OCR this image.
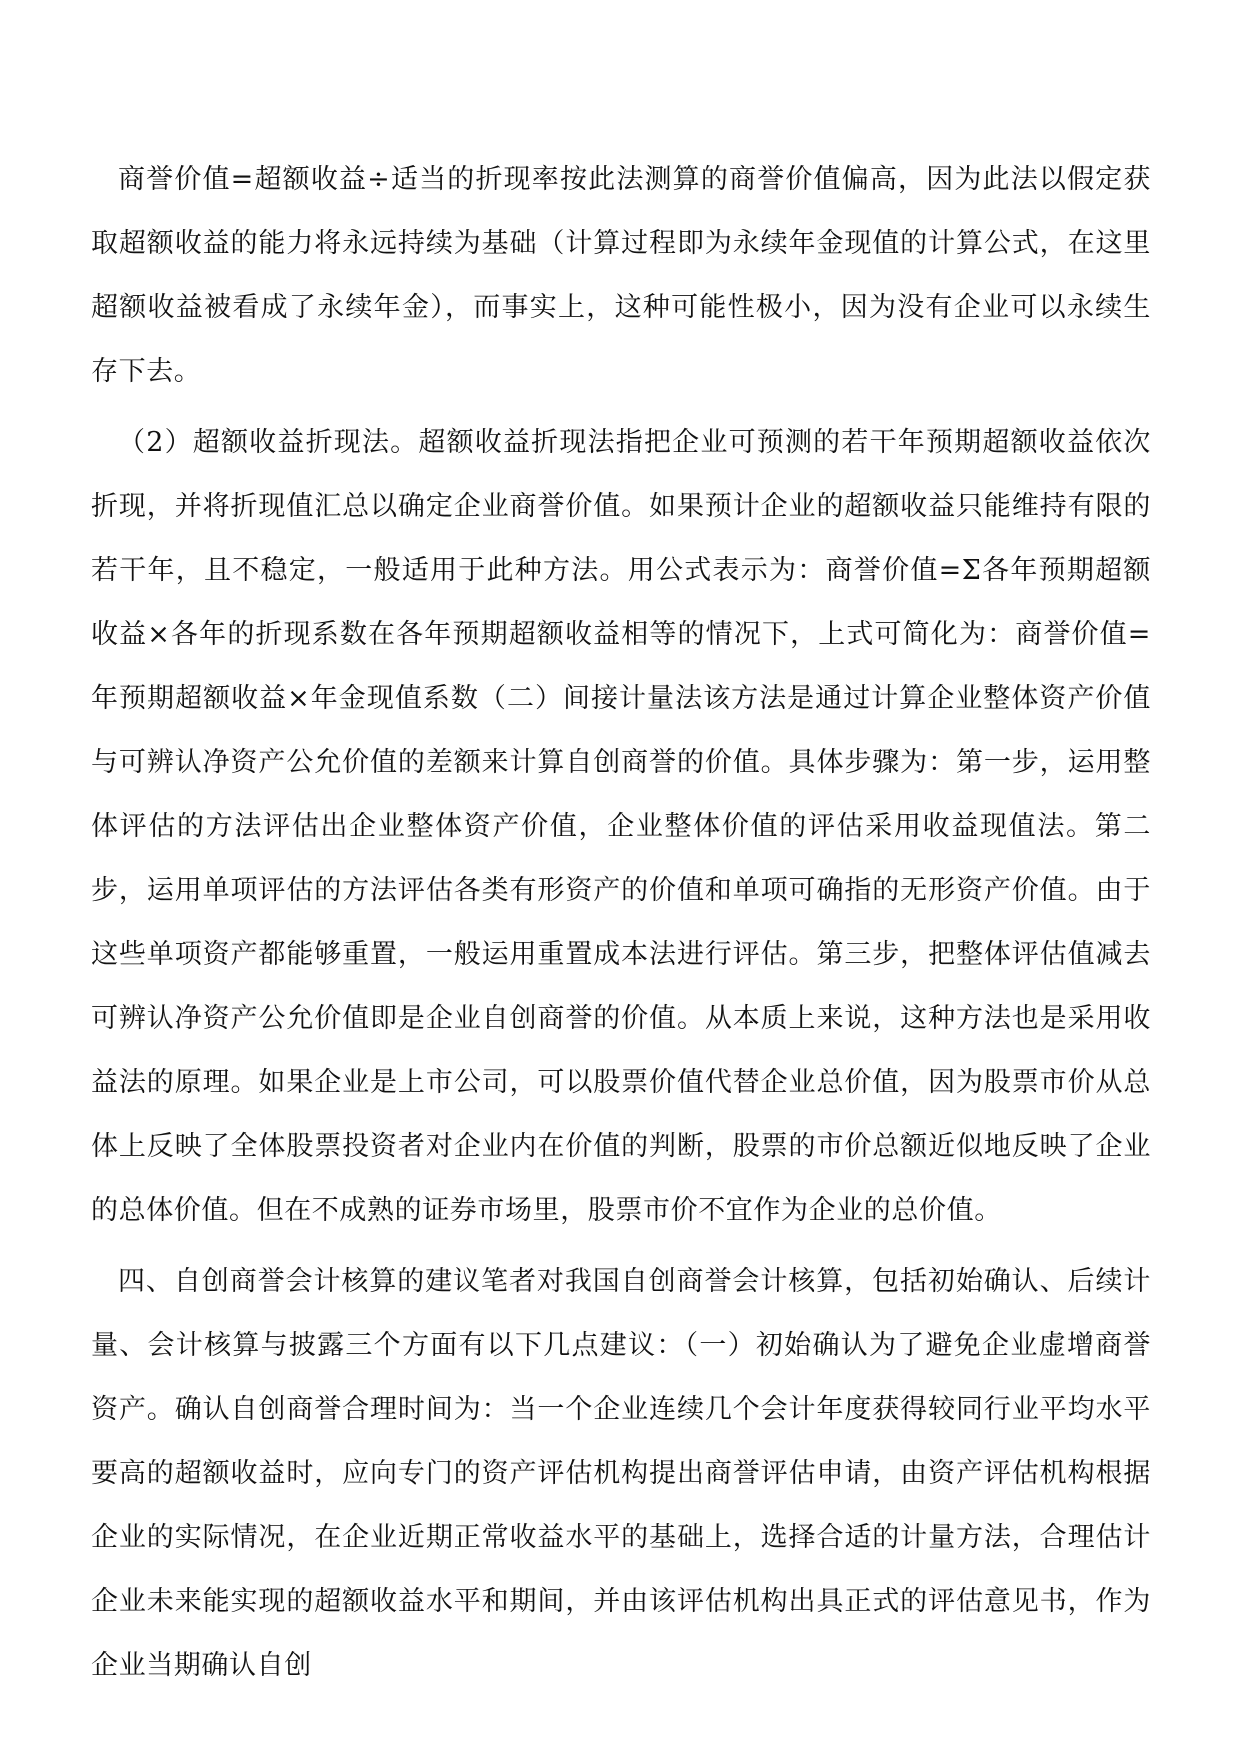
商誉价值=超额收益÷适当的折现率按此法测算的商誉价值偏高，因为此法以假定获取超额收益的能力将永远持续为基础（计算过程即为永续年金现值的计算公式，在这里超额收益被看成了永续年金），而事实上，这种可能性极小，因为没有企业可以永续生存下去。

（2）超额收益折现法。超额收益折现法指把企业可预测的若干年预期超额收益依次折现，并将折现值汇总以确定企业商誉价值。如果预计企业的超额收益只能维持有限的若干年，且不稳定，一般适用于此种方法。用公式表示为：商誉价值=Σ各年预期超额收益×各年的折现系数在各年预期超额收益相等的情况下，上式可简化为：商誉价值=年预期超额收益×年金现值系数（二）间接计量法该方法是通过计算企业整体资产价值与可辨认净资产公允价值的差额来计算自创商誉的价值。具体步骤为：第一步，运用整体评估的方法评估出企业整体资产价值，企业整体价值的评估采用收益现值法。第二步，运用单项评估的方法评估各类有形资产的价值和单项可确指的无形资产价值。由于这些单项资产都能够重置，一般运用重置成本法进行评估。第三步，把整体评估值减去可辨认净资产公允价值即是企业自创商誉的价值。从本质上来说，这种方法也是采用收益法的原理。如果企业是上市公司，可以股票价值代替企业总价值，因为股票市价从总体上反映了全体股票投资者对企业内在价值的判断，股票的市价总额近似地反映了企业的总体价值。但在不成熟的证券市场里，股票市价不宜作为企业的总价值。

四、自创商誉会计核算的建议笔者对我国自创商誉会计核算，包括初始确认、后续计量、会计核算与披露三个方面有以下几点建议：（一）初始确认为了避免企业虚增商誉资产。确认自创商誉合理时间为：当一个企业连续几个会计年度获得较同行业平均水平要高的超额收益时，应向专门的资产评估机构提出商誉评估申请，由资产评估机构根据企业的实际情况，在企业近期正常收益水平的基础上，选择合适的计量方法，合理估计企业未来能实现的超额收益水平和期间，并由该评估机构出具正式的评估意见书，作为企业当期确认自创
